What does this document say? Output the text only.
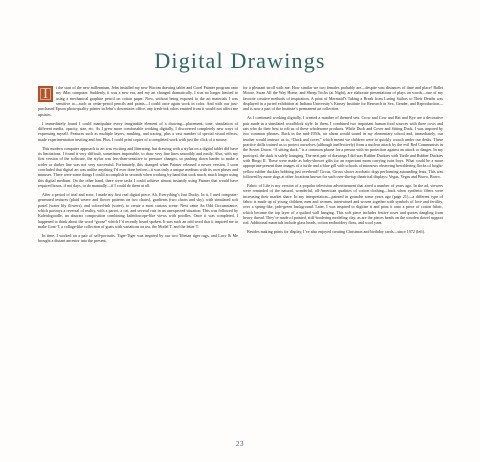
Digital Drawings

I	t the start of the new millennium, Jehn installed my new Wacom drawing tablet and Corel Painter program onto my iMac computer. Suddenly, it was a new era, and my art changed dramatically. I was no longer limited to using a mechanical graphite pencil on cotton paper. Now, without being exposed to the art materials I was sensitive to—such as cedar-pencil pencils and paints—I could once again work in color. And with our just-purchased Epson photo-quality printer in Jehn’s downstairs office, any fresh-ink odors emitted from it would not affect me upstairs.

I immediately found I could manipulate every imaginable element of a drawing—placement, tone, simulation of different media, opacity, size, etc. As I grew more comfortable working digitally, I discovered completely new ways of expressing myself. Features such as multiple layers, masking, and tracing, plus a vast number of special visual effects, made experimentation inviting and fun. Plus, I could print copies of a completed work with just the click of a mouse.

This modern computer approach to art was exciting and liberating, but drawing with a stylus on a digital tablet did have its limitations. I found it very difficult, sometimes impossible, to draw very fine lines smoothly and easily. Also, with my first version of the software, the stylus was less-than-sensitive to pressure changes, so pushing down harder to make a wider or darker line was not very successful. Fortunately, this changed when Painter released a newer version. I soon concluded that digital art was unlike anything I’d ever done before—it was truly a unique medium with its own pluses and minuses. There were some things I could accomplish in seconds when working by hand that took much, much longer using this digital medium. On the other hand, there were tasks I could achieve almost instantly using Painter that would have required hours, if not days, to do manually—if I could do them at all.

After a period of trial and error, I made my first real digital piece, Ah, Everything’s Just Ducky. In it, I used computer-generated textures (plaid weave and flower patterns on two chairs), gradients (two chairs and sky), with simulated soft pastel (water lily flowers), and colored-ink (water), to create a most curious scene. Next came An Odd Circumstance, which portrays a reversal of reality, with a parrot, a cat, and several cats in an unexpected situation. This was followed by Kaleidogoodle, an abstract composition combining kaleidoscope-like views with poodles. Once it was completed, I happened to think about the word “goose” which I’d recently heard spoken. It was such an odd word that it inspired me to make Goat-T, a collage-like collection of goats with variations on tea, the Model T, and the letter T.

In time, I worked on a pair of self-portraits. Tiger-Tiger was inspired by our two Tibetan tiger rugs, and Lucy & Me brought a distant ancestor into the present,

for a pleasant stroll with me. How similar we two females probably are—despite vast distances of time and place! Ballet Moose, Swan All the Way Home, and Sheep Tricks (at Night), are elaborate presentations of plays on words—one of my favorite creative methods of inspiration. A print of Mermaid’s Taking a Break from Luring Sailors to Their Deaths was displayed in a juried exhibition at Indiana University’s Kinsey Institute for Research in Sex, Gender, and Reproduction—and is now a part of the Institute’s permanent art collection.

As I continued working digitally, I created a number of themed sets. Crow and Cow and Rat and Bye are a decorative pair made in a simulated woodblock style. In them, I combined two important human food sources with three cows and rats who do their best to rob us of these wholesome products. While Duck and Cover and Sitting Duck, I was inspired by two common phrases. Back in the mid-1950s, air alarm would sound in my elementary school and, immediately, our teacher would instruct us to, “Duck and cover,” which meant we children were to quickly crouch under our desks. These practice drills trained us to protect ourselves (although ineffectively) from a nuclear attack by the evil Red Communists in the Soviet Union. “A sitting duck,” is a common phrase for a person with no protection against an attack or danger. In my portrayal, the duck is safely lounging. The next pair of drawings I did was Rubber Duckies with Turtle and Rubber Duckies with Bingo II. These were made as baby-shower gifts for an expectant mom carrying twin boys. What could be a more appropriate present than images of a turtle and a blue gill with schools of minnows observing bewildering flocks of bright-yellow rubber duckies bobbing just overhead? Circus, Circus shows acrobatic dogs performing astounding feats. This was followed by more dogs at other locations known for such over-the-top theatrical displays: Vegas, Vegas and Bravo, Bravo.

Fabric of Life is my version of a popular television advertisement that aired a number of years ago. In the ad, viewers were reminded of the natural, wonderful, all-American qualities of cotton clothing—back when synthetic fibers were increasing their market share. In my interpretation—painted in gouache some years ago (page 21)—a different type of fabric is made up of young children, men and women, intertwined and woven together with symbols of love and fertility, over a spring-like, jade-green background. Later, I was inspired to digitize it and print it onto a piece of cotton fabric, which became the top layer of a quilted wall hanging. This soft piece includes festive roses and quotes dangling from heavy thread. They’re made of painted, stiff-bordering modeling clay, as are the pieces beads on the wooden dowel support rod. Additional materials include glass beads, cotton embroidery floss, and wool yarn.

Besides making prints for display, I’ve also enjoyed creating Christmas and birthday cards—since 1972 (left).

23
